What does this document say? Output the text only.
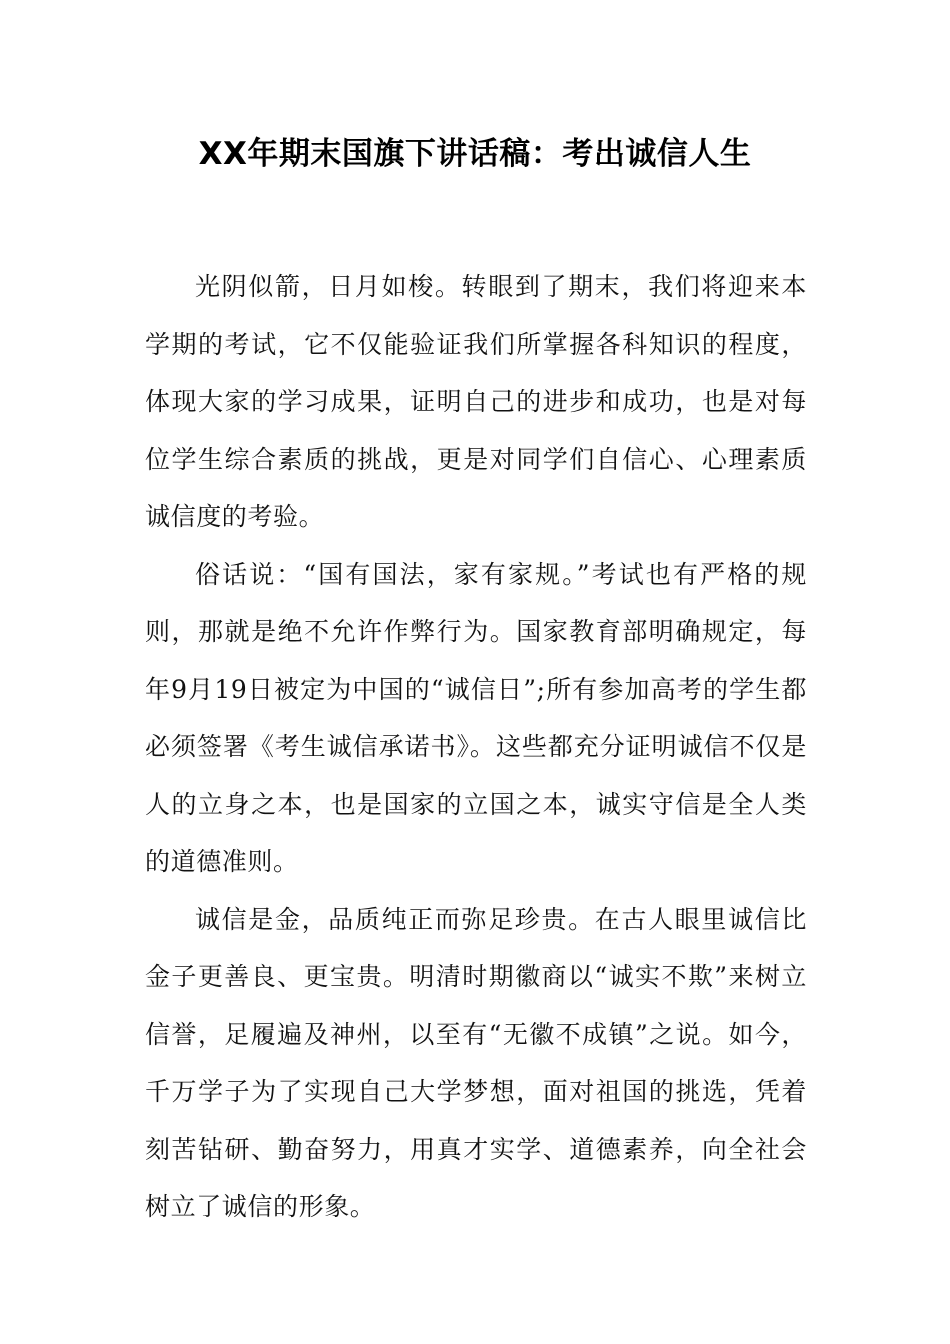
XX年期末国旗下讲话稿：考出诚信人生

光阴似箭，日月如梭。转眼到了期末，我们将迎来本学期的考试，它不仅能验证我们所掌握各科知识的程度，体现大家的学习成果，证明自己的进步和成功，也是对每位学生综合素质的挑战，更是对同学们自信心、心理素质诚信度的考验。

俗话说：“国有国法，家有家规。”考试也有严格的规则，那就是绝不允许作弊行为。国家教育部明确规定，每年9月19日被定为中国的“诚信日”;所有参加高考的学生都必须签署《考生诚信承诺书》。这些都充分证明诚信不仅是人的立身之本，也是国家的立国之本，诚实守信是全人类的道德准则。

诚信是金，品质纯正而弥足珍贵。在古人眼里诚信比金子更善良、更宝贵。明清时期徽商以“诚实不欺”来树立信誉，足履遍及神州，以至有“无徽不成镇”之说。如今，千万学子为了实现自己大学梦想，面对祖国的挑选，凭着刻苦钻研、勤奋努力，用真才实学、道德素养，向全社会树立了诚信的形象。
